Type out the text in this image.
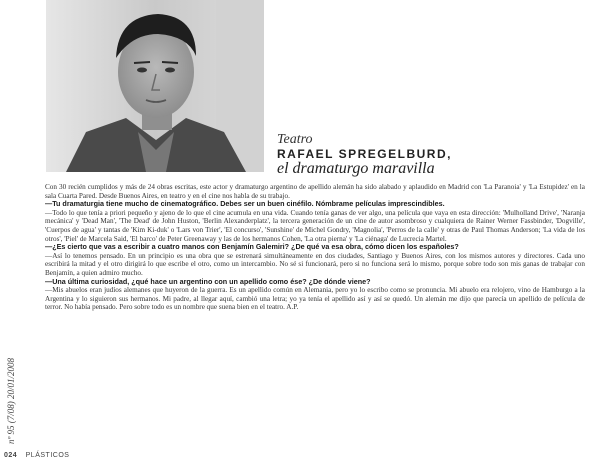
Teatro
RAFAEL SPREGELBURD,
el dramaturgo maravilla

Con 30 recién cumplidos y más de 24 obras escritas, este actor y dramaturgo argentino de apellido alemán ha sido alabado y aplaudido en Madrid con 'La Paranoia' y 'La Estupidez' en la sala Cuarta Pared. Desde Buenos Aires, en teatro y en el cine nos habla de su trabajo.

—Tu dramaturgia tiene mucho de cinematográfico. Debes ser un buen cinéfilo. Nómbrame películas imprescindibles.

—Todo lo que tenía a priori pequeño y ajeno de lo que el cine acumula en una vida. Cuando tenía ganas de ver algo, una película que vaya en esta dirección: 'Mulholland Drive', 'Naranja mecánica' y 'Dead Man', 'The Dead' de John Huston, 'Berlin Alexanderplatz', la tercera generación de un cine de autor asombroso y cualquiera de Rainer Werner Fassbinder, 'Dogville', 'Cuerpos de agua' y tantas de 'Kim Ki-duk' o 'Lars von Trier', 'El concurso', 'Sunshine' de Michel Gondry, 'Magnolia', 'Perros de la calle' y otras de Paul Thomas Anderson; 'La vida de los otros', 'Piel' de Marcela Said, 'El barco' de Peter Greenaway y las de los hermanos Cohen, 'La otra pierna' y 'La ciénaga' de Lucrecia Martel.

—¿Es cierto que vas a escribir a cuatro manos con Benjamín Galemiri? ¿De qué va esa obra, cómo dicen los españoles?

—Así lo tenemos pensado. En un principio es una obra que se estrenará simultáneamente en dos ciudades, Santiago y Buenos Aires, con los mismos autores y directores. Cada uno escribirá la mitad y el otro dirigirá lo que escribe el otro, como un intercambio. No sé si funcionará, pero si no funciona será lo mismo, porque sobre todo son mis ganas de trabajar con Benjamín, a quien admiro mucho.

—Una última curiosidad, ¿qué hace un argentino con un apellido como ése? ¿De dónde viene?

—Mis abuelos eran judíos alemanes que huyeron de la guerra. Es un apellido común en Alemania, pero yo lo escribo como se pronuncia. Mi abuelo era relojero, vino de Hamburgo a la Argentina y lo siguieron sus hermanos. Mi padre, al llegar aquí, cambió una letra; yo ya tenía el apellido así y así se quedó. Un alemán me dijo que parecía un apellido de película de terror. No había pensado. Pero sobre todo es un nombre que suena bien en el teatro. A.P.

nº 95 (7/08) 20/01/2008
024 PLÁSTICOS
